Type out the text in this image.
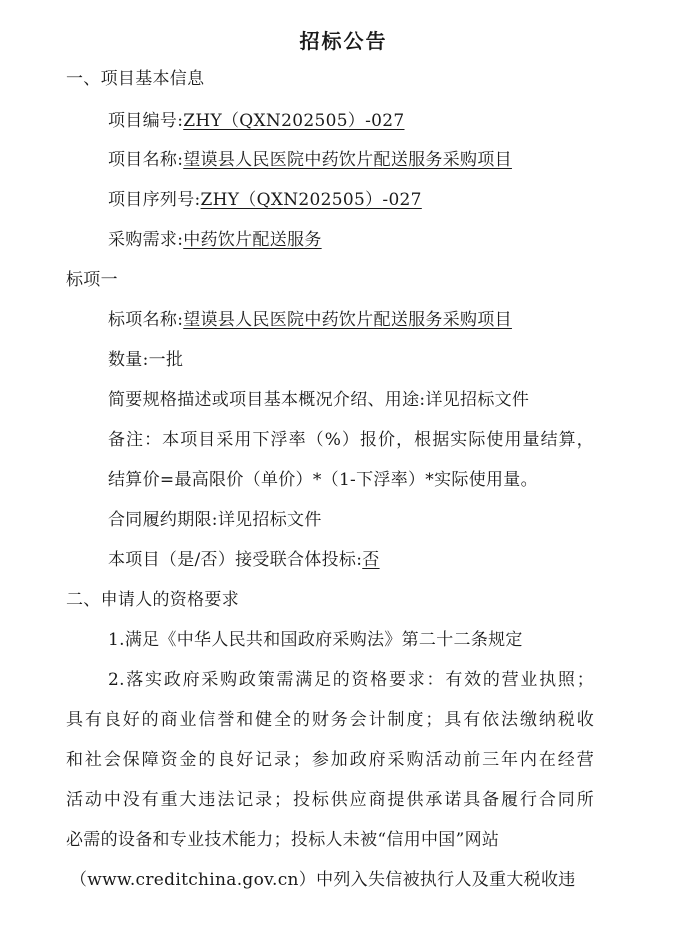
招标公告
一、项目基本信息
项目编号:ZHY（QXN202505）-027
项目名称:望谟县人民医院中药饮片配送服务采购项目
项目序列号:ZHY（QXN202505）-027
采购需求:中药饮片配送服务
标项一
标项名称:望谟县人民医院中药饮片配送服务采购项目
数量:一批
简要规格描述或项目基本概况介绍、用途:详见招标文件
备注：本项目采用下浮率（%）报价，根据实际使用量结算，
结算价=最高限价（单价）*（1-下浮率）*实际使用量。
合同履约期限:详见招标文件
本项目（是/否）接受联合体投标:否
二、申请人的资格要求
1.满足《中华人民共和国政府采购法》第二十二条规定
2.落实政府采购政策需满足的资格要求：有效的营业执照；
具有良好的商业信誉和健全的财务会计制度；具有依法缴纳税收
和社会保障资金的良好记录；参加政府采购活动前三年内在经营
活动中没有重大违法记录；投标供应商提供承诺具备履行合同所
必需的设备和专业技术能力；投标人未被“信用中国”网站
（www.creditchina.gov.cn）中列入失信被执行人及重大税收违
